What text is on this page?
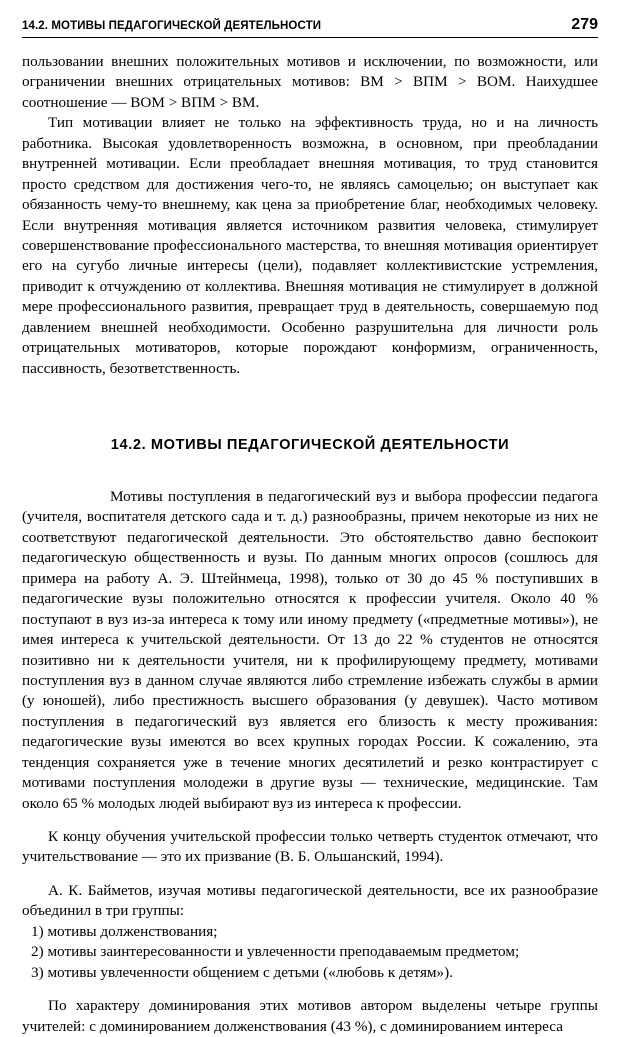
14.2. МОТИВЫ ПЕДАГОГИЧЕСКОЙ ДЕЯТЕЛЬНОСТИ	279

пользовании внешних положительных мотивов и исключении, по возможности, или ограничении внешних отрицательных мотивов: ВМ > ВПМ > ВОМ. Наихудшее соотношение — ВОМ > ВПМ > ВМ.

Тип мотивации влияет не только на эффективность труда, но и на личность работника. Высокая удовлетворенность возможна, в основном, при преобладании внутренней мотивации. Если преобладает внешняя мотивация, то труд становится просто средством для достижения чего-то, не являясь самоцелью; он выступает как обязанность чему-то внешнему, как цена за приобретение благ, необходимых человеку. Если внутренняя мотивация является источником развития человека, стимулирует совершенствование профессионального мастерства, то внешняя мотивация ориентирует его на сугубо личные интересы (цели), подавляет коллективистские устремления, приводит к отчуждению от коллектива. Внешняя мотивация не стимулирует в должной мере профессионального развития, превращает труд в деятельность, совершаемую под давлением внешней необходимости. Особенно разрушительна для личности роль отрицательных мотиваторов, которые порождают конформизм, ограниченность, пассивность, безответственность.

14.2. МОТИВЫ ПЕДАГОГИЧЕСКОЙ ДЕЯТЕЛЬНОСТИ

Мотивы поступления в педагогический вуз и выбора профессии педагога (учителя, воспитателя детского сада и т. д.) разнообразны, причем некоторые из них не соответствуют педагогической деятельности. Это обстоятельство давно беспокоит педагогическую общественность и вузы. По данным многих опросов (сошлюсь для примера на работу А. Э. Штейнмеца, 1998), только от 30 до 45 % поступивших в педагогические вузы положительно относятся к профессии учителя. Около 40 % поступают в вуз из-за интереса к тому или иному предмету («предметные мотивы»), не имея интереса к учительской деятельности. От 13 до 22 % студентов не относятся позитивно ни к деятельности учителя, ни к профилирующему предмету, мотивами поступления вуз в данном случае являются либо стремление избежать службы в армии (у юношей), либо престижность высшего образования (у девушек). Часто мотивом поступления в педагогический вуз является его близость к месту проживания: педагогические вузы имеются во всех крупных городах России. К сожалению, эта тенденция сохраняется уже в течение многих десятилетий и резко контрастирует с мотивами поступления молодежи в другие вузы — технические, медицинские. Там около 65 % молодых людей выбирают вуз из интереса к профессии.

К концу обучения учительской профессии только четверть студенток отмечают, что учительствование — это их призвание (В. Б. Ольшанский, 1994).

А. К. Байметов, изучая мотивы педагогической деятельности, все их разнообразие объединил в три группы:

1) мотивы долженствования;
2) мотивы заинтересованности и увлеченности преподаваемым предметом;
3) мотивы увлеченности общением с детьми («любовь к детям»).

По характеру доминирования этих мотивов автором выделены четыре группы учителей: с доминированием долженствования (43 %), с доминированием интереса
